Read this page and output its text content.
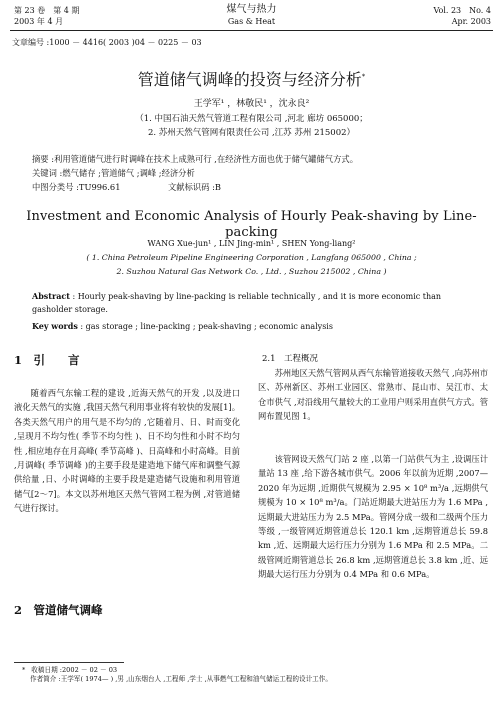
第 23 卷　第 4 期
2003 年 4 月
煤气与热力
Gas & Heat
Vol. 23　No. 4
Apr. 2003
文章编号 :1000 － 4416( 2003 )04 － 0225 － 03
管道储气调峰的投资与经济分析*
王学军¹ ，林敬民¹ ，沈永良²
（1. 中国石油天然气管道工程有限公司 ,河北 廊坊 065000；
2. 苏州天然气管网有限责任公司 ,江苏 苏州 215002）
摘要 :利用管道储气进行时调峰在技术上成熟可行 ,在经济性方面也优于储气罐储气方式。
关键词 :燃气储存 ;管道储气 ;调峰 ;经济分析
中图分类号 :TU996.61	文献标识码 :B
Investment and Economic Analysis of Hourly Peak-shaving by Line-packing
WANG Xue-jun¹ , LIN Jing-min¹ , SHEN Yong-liang²
( 1. China Petroleum Pipeline Engineering Corporation , Langfang 065000 , China ;
2. Suzhou Natural Gas Network Co. , Ltd. , Suzhou 215002 , China )
Abstract : Hourly peak-shaving by line-packing is reliable technically , and it is more economic than gasholder storage.
Key words : gas storage ; line-packing ; peak-shaving ; economic analysis
1　引　　言
随着西气东输工程的建设 ,近海天然气的开发 ,以及进口液化天然气的实施 ,我国天然气利用事业将有较快的发展[1]。各类天然气用户的用气是不均匀的 ,它随着月、日、时而变化 ,呈现月不均匀性( 季节不均匀性 )、日不均匀性和小时不均匀性 ,相应地存在月高峰( 季节高峰 )、日高峰和小时高峰。目前 ,月调峰( 季节调峰 )的主要手段是建造地下储气库和调整气源供给量 ,日、小时调峰的主要手段是建造储气设施和利用管道储气[2～7]。本文以苏州地区天然气管网工程为例 ,对管道储气进行探讨。
2　管道储气调峰
2.1　工程概况
苏州地区天然气管网从西气东输管道接收天然气 ,向苏州市区、苏州新区、苏州工业园区、常熟市、昆山市、吴江市、太仓市供气 ,对沿线用气量较大的工业用户则采用直供气方式。管网布置见图 1。
该管网设天然气门站 2 座 ,以第一门站供气为主 ,设调压计量站 13 座 ,给下游各城市供气。2006 年以前为近期 ,2007—2020 年为远期 ,近期供气规模为 2.95 × 10⁸ m³/a ,远期供气规模为 10 × 10⁸ m³/a。门站近期最大进站压力为 1.6 MPa ,远期最大进站压力为 2.5 MPa。管网分成一级和二级两个压力等级 ,一级管网近期管道总长 120.1 km ,远期管道总长 59.8 km ,近、远期最大运行压力分别为 1.6 MPa 和 2.5 MPa。二级管网近期管道总长 26.8 km ,远期管道总长 3.8 km ,近、远期最大运行压力分别为 0.4 MPa 和 0.6 MPa。
* 收稿日期 :2002 － 02 － 03
作者简介 :王学军( 1974— ) ,男 ,山东烟台人 ,工程师 ,学士 ,从事燃气工程和油气储运工程的设计工作。
